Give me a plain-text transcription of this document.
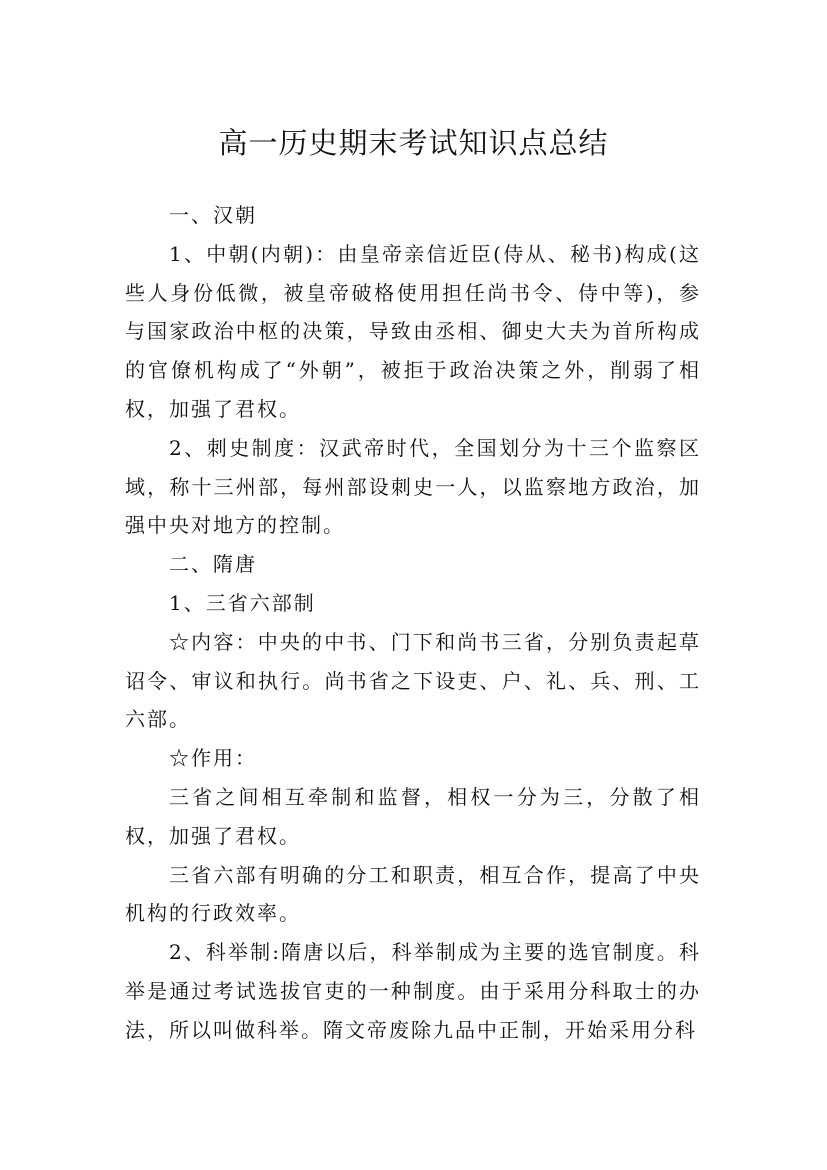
高一历史期末考试知识点总结

一、汉朝

1、中朝(内朝)：由皇帝亲信近臣(侍从、秘书)构成(这些人身份低微，被皇帝破格使用担任尚书令、侍中等)，参与国家政治中枢的决策，导致由丞相、御史大夫为首所构成的官僚机构成了“外朝”，被拒于政治决策之外，削弱了相权，加强了君权。

2、刺史制度：汉武帝时代，全国划分为十三个监察区域，称十三州部，每州部设刺史一人，以监察地方政治，加强中央对地方的控制。

二、隋唐

1、三省六部制

☆内容：中央的中书、门下和尚书三省，分别负责起草诏令、审议和执行。尚书省之下设吏、户、礼、兵、刑、工六部。

☆作用：

三省之间相互牵制和监督，相权一分为三，分散了相权，加强了君权。

三省六部有明确的分工和职责，相互合作，提高了中央机构的行政效率。

2、科举制:隋唐以后，科举制成为主要的选官制度。科举是通过考试选拔官吏的一种制度。由于采用分科取士的办法，所以叫做科举。隋文帝废除九品中正制，开始采用分科
